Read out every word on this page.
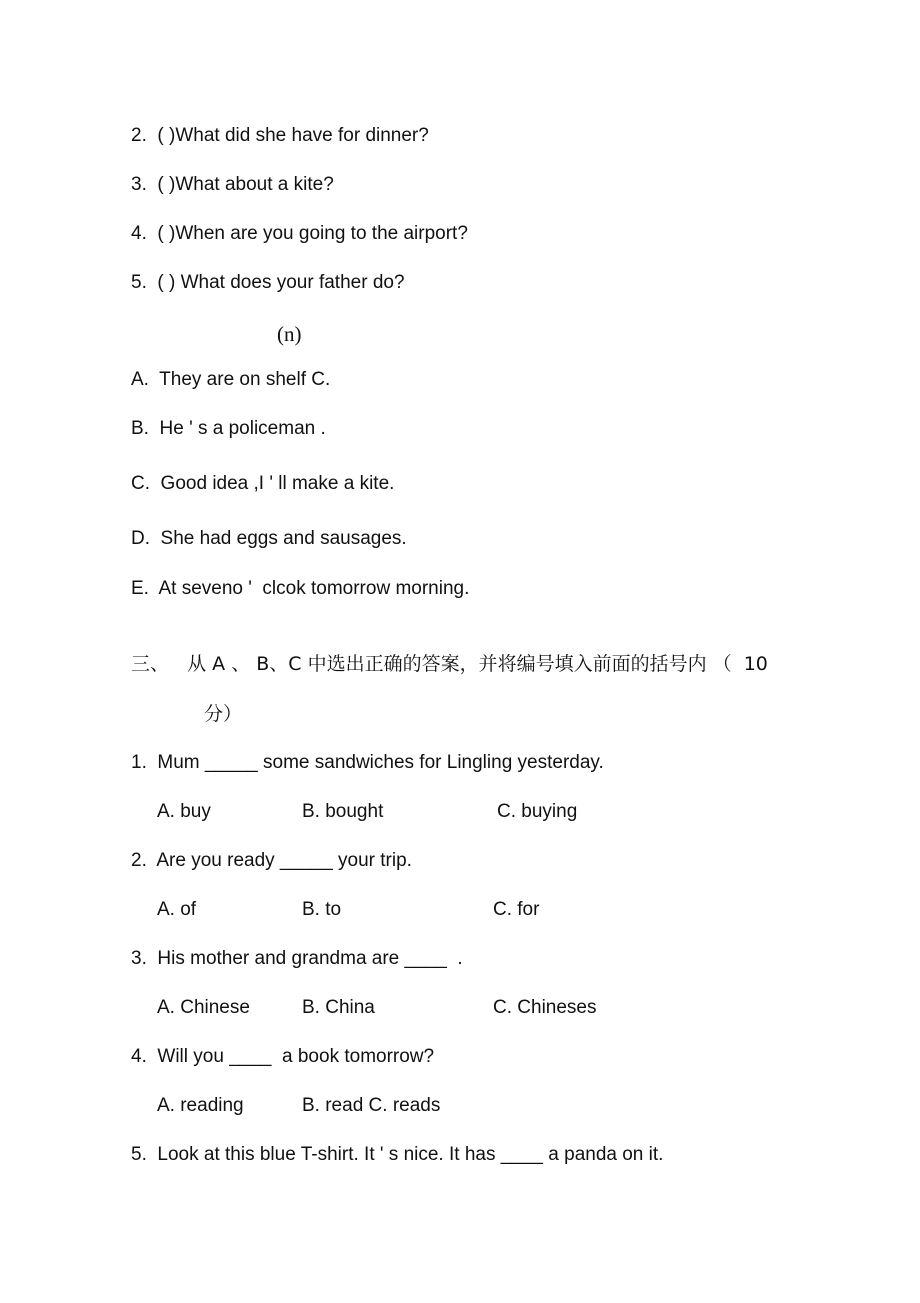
2.  ( )What did she have for dinner?
3.  ( )What about a kite?
4.  ( )When are you going to the airport?
5.  ( ) What does your father do?
(n)
A.  They are on shelf C.
B.  He ' s a policeman .
C.  Good idea ,I ' ll make a kite.
D.  She had eggs and sausages.
E.  At seveno '  clcok tomorrow morning.
三、   从 A 、 B、C 中选出正确的答案，并将编号填入前面的括号内 （  10
分）
1.  Mum _____ some sandwiches for Lingling yesterday.
A. buy	B. bought	C. buying
2.  Are you ready _____ your trip.
A. of	B. to	C. for
3.  His mother and grandma are ____  .
A. Chinese	B. China	C. Chineses
4.  Will you ____  a book tomorrow?
A. reading	B. read C. reads
5.  Look at this blue T-shirt. It ' s nice. It has ____ a panda on it.
